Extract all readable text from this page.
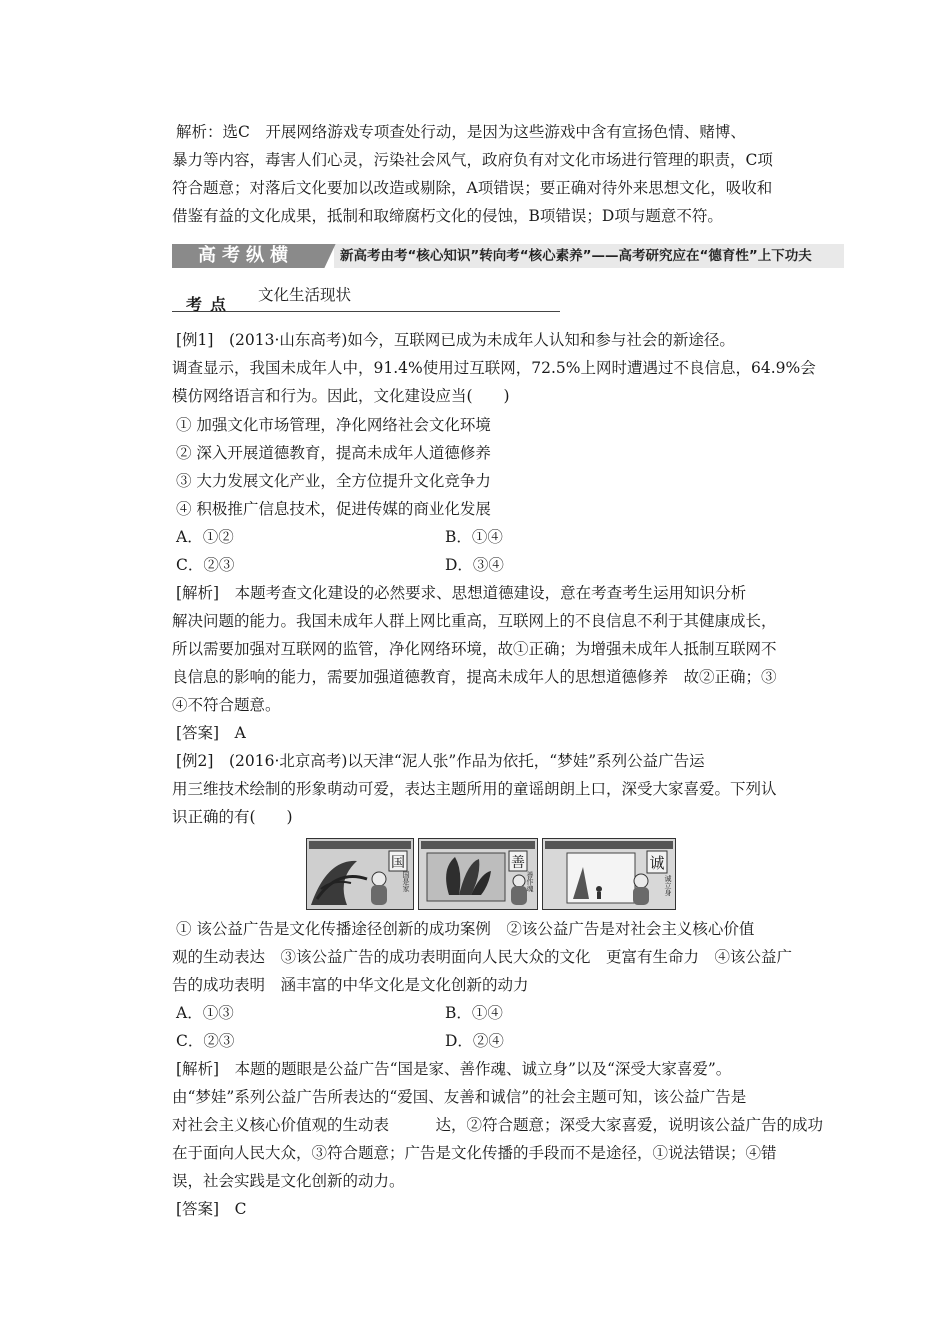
解析：选C　开展网络游戏专项查处行动，是因为这些游戏中含有宣扬色情、赌博、
暴力等内容，毒害人们心灵，污染社会风气，政府负有对文化市场进行管理的职责，C项
符合题意；对落后文化要加以改造或剔除，A项错误；要正确对待外来思想文化，吸收和
借鉴有益的文化成果，抵制和取缔腐朽文化的侵蚀，B项错误；D项与题意不符。
高考纵横	新高考由考“核心知识”转向考“核心素养”——高考研究应在“德育性”上下功夫
考点 文化生活现状
[例1]　(2013·山东高考)如今，互联网已成为未成年人认知和参与社会的新途径。
调查显示，我国未成年人中，91.4%使用过互联网，72.5%上网时遭遇过不良信息，64.9%会
模仿网络语言和行为。因此，文化建设应当(　　)
① 加强文化市场管理，净化网络社会文化环境
② 深入开展道德教育，提高未成年人道德修养
③ 大力发展文化产业，全方位提升文化竞争力
④ 积极推广信息技术，促进传媒的商业化发展
A．①②	B．①④
C．②③	D．③④
[解析]　本题考查文化建设的必然要求、思想道德建设，意在考查考生运用知识分析
解决问题的能力。我国未成年人群上网比重高，互联网上的不良信息不利于其健康成长，
所以需要加强对互联网的监管，净化网络环境，故①正确；为增强未成年人抵制互联网不
良信息的影响的能力，需要加强道德教育，提高未成年人的思想道德修养　故②正确；③
④不符合题意。
[答案]　A
[例2]　(2016·北京高考)以天津“泥人张”作品为依托，“梦娃”系列公益广告运
用三维技术绘制的形象萌动可爱，表达主题所用的童谣朗朗上口，深受大家喜爱。下列认
识正确的有(　　)
国
国是家
善
善作魂
诚
诚立身
① 该公益广告是文化传播途径创新的成功案例　②该公益广告是对社会主义核心价值
观的生动表达　③该公益广告的成功表明面向人民大众的文化　更富有生命力　④该公益广
告的成功表明　涵丰富的中华文化是文化创新的动力
A．①③	B．①④
C．②③	D．②④
[解析]　本题的题眼是公益广告“国是家、善作魂、诚立身”以及“深受大家喜爱”。
由“梦娃”系列公益广告所表达的“爱国、友善和诚信”的社会主题可知，该公益广告是
对社会主义核心价值观的生动表　　　达，②符合题意；深受大家喜爱，说明该公益广告的成功
在于面向人民大众，③符合题意；广告是文化传播的手段而不是途径，①说法错误；④错
误，社会实践是文化创新的动力。
[答案]　C
